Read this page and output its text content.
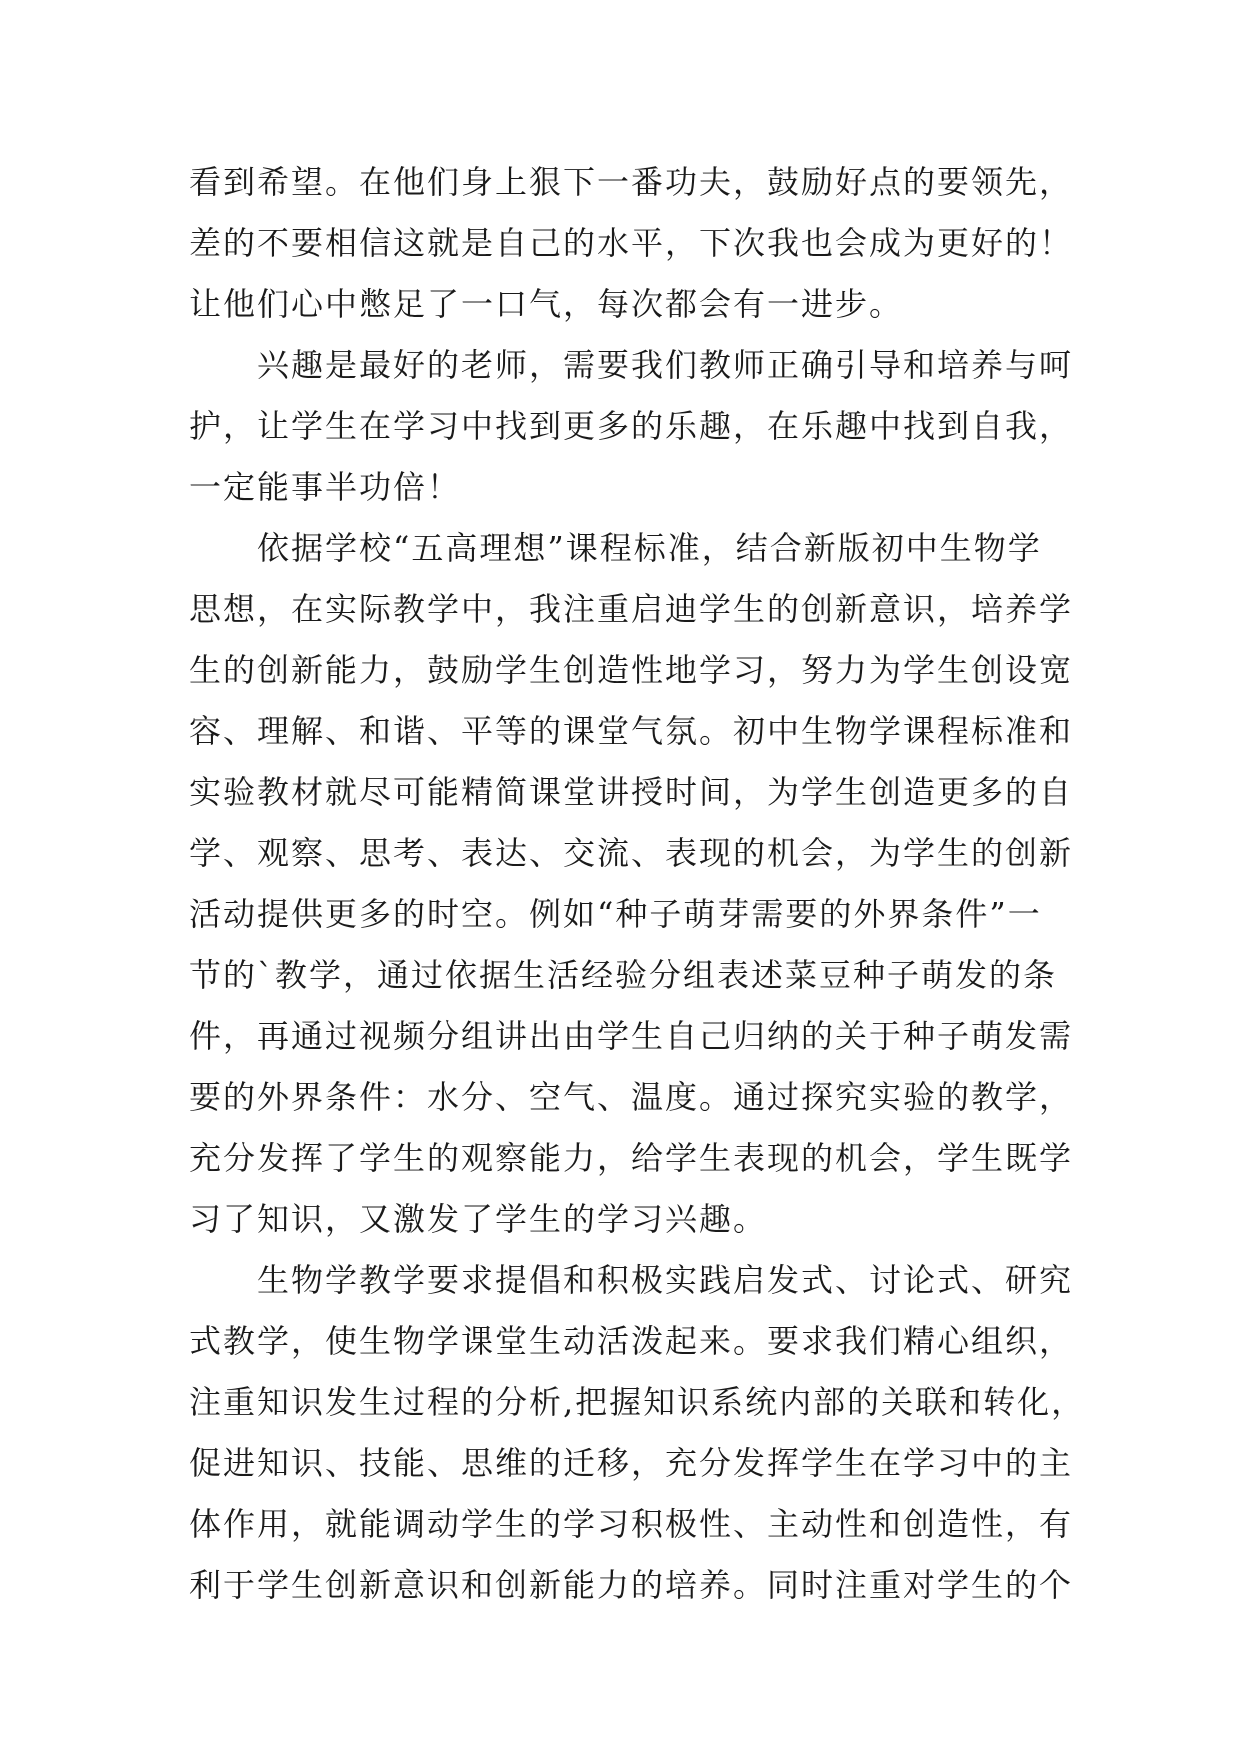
看到希望。在他们身上狠下一番功夫，鼓励好点的要领先，
差的不要相信这就是自己的水平，下次我也会成为更好的！
让他们心中憋足了一口气，每次都会有一进步。
　　兴趣是最好的老师，需要我们教师正确引导和培养与呵
护，让学生在学习中找到更多的乐趣，在乐趣中找到自我，
一定能事半功倍！
　　依据学校“五高理想”课程标准，结合新版初中生物学
思想，在实际教学中，我注重启迪学生的创新意识，培养学
生的创新能力，鼓励学生创造性地学习，努力为学生创设宽
容、理解、和谐、平等的课堂气氛。初中生物学课程标准和
实验教材就尽可能精简课堂讲授时间，为学生创造更多的自
学、观察、思考、表达、交流、表现的机会，为学生的创新
活动提供更多的时空。例如“种子萌芽需要的外界条件”一
节的`教学，通过依据生活经验分组表述菜豆种子萌发的条
件，再通过视频分组讲出由学生自己归纳的关于种子萌发需
要的外界条件：水分、空气、温度。通过探究实验的教学，
充分发挥了学生的观察能力，给学生表现的机会，学生既学
习了知识，又激发了学生的学习兴趣。
　　生物学教学要求提倡和积极实践启发式、讨论式、研究
式教学，使生物学课堂生动活泼起来。要求我们精心组织，
注重知识发生过程的分析,把握知识系统内部的关联和转化，
促进知识、技能、思维的迁移，充分发挥学生在学习中的主
体作用，就能调动学生的学习积极性、主动性和创造性，有
利于学生创新意识和创新能力的培养。同时注重对学生的个
